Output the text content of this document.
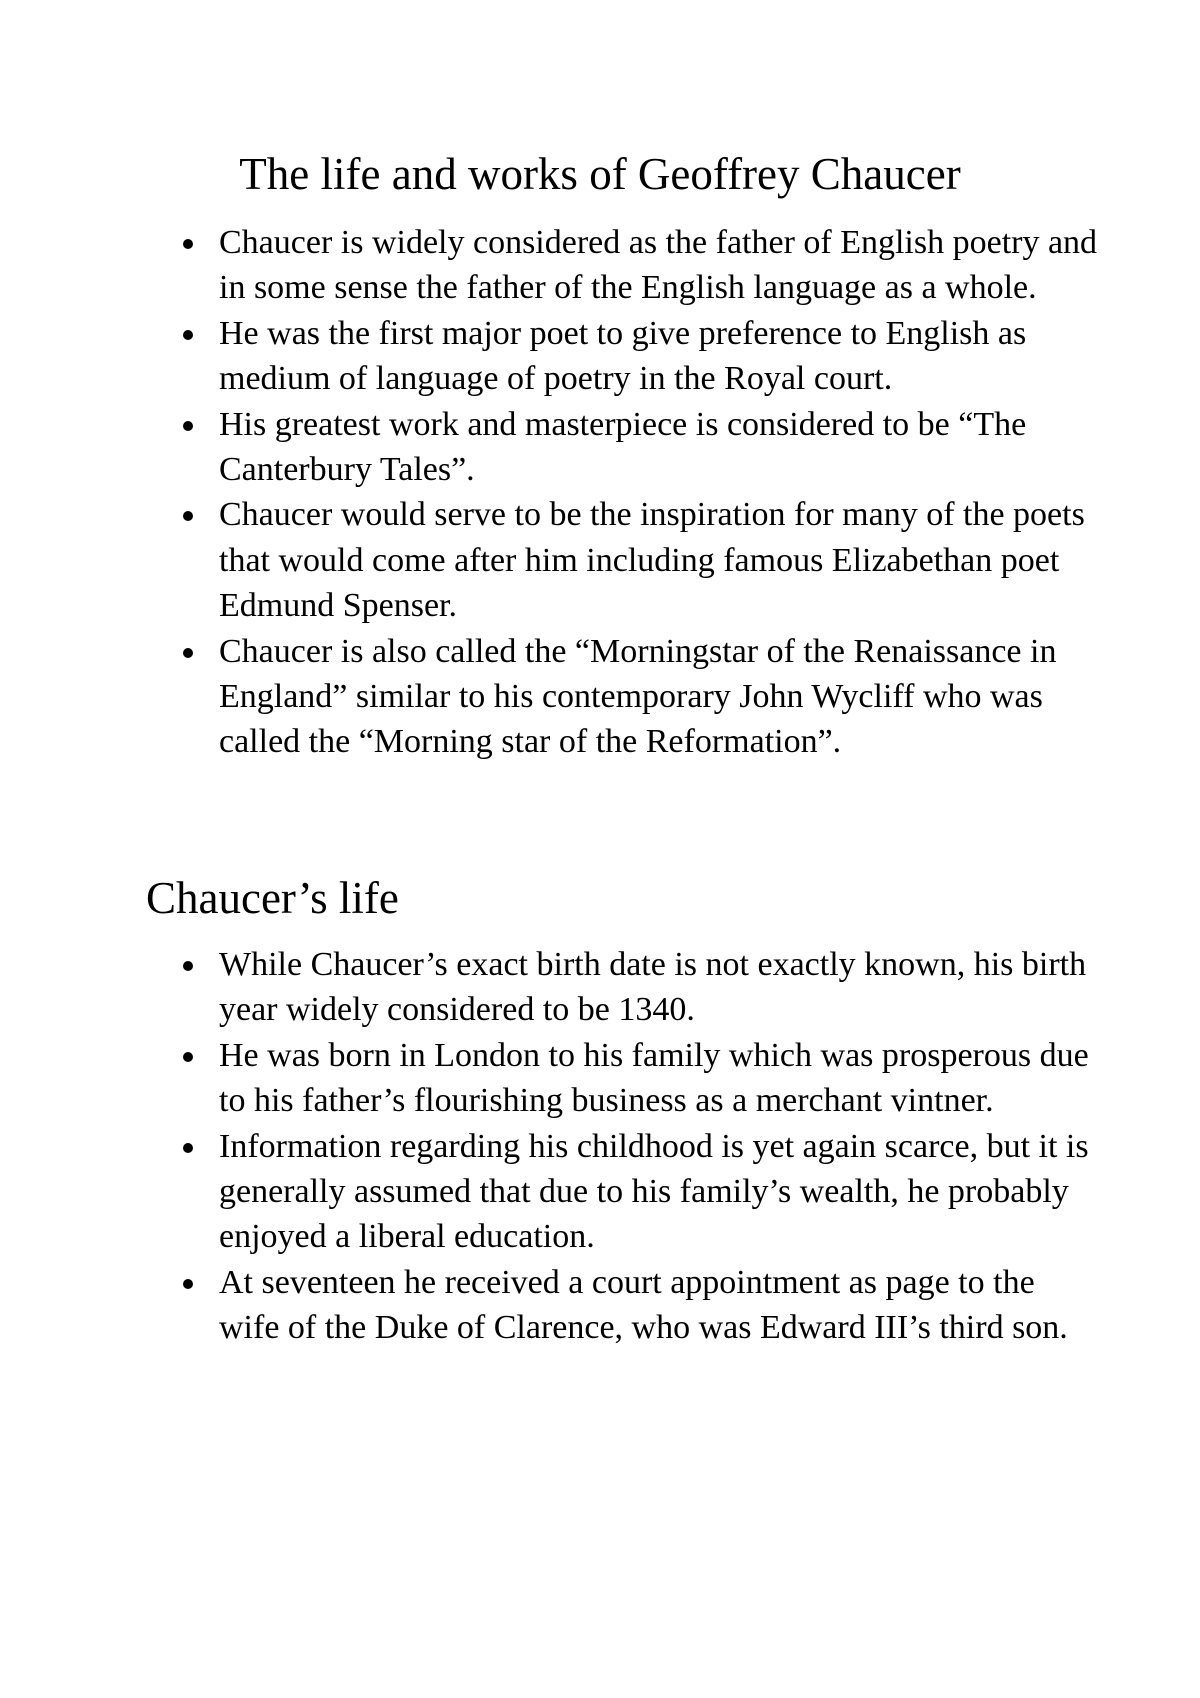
The life and works of Geoffrey Chaucer
Chaucer is widely considered as the father of English poetry and in some sense the father of the English language as a whole.
He was the first major poet to give preference to English as medium of language of poetry in the Royal court.
His greatest work and masterpiece is considered to be “The Canterbury Tales”.
Chaucer would serve to be the inspiration for many of the poets that would come after him including famous Elizabethan poet Edmund Spenser.
Chaucer is also called the “Morningstar of the Renaissance in England” similar to his contemporary John Wycliff who was called the “Morning star of the Reformation”.
Chaucer’s life
While Chaucer’s exact birth date is not exactly known, his birth year widely considered to be 1340.
He was born in London to his family which was prosperous due to his father’s flourishing business as a merchant vintner.
Information regarding his childhood is yet again scarce, but it is generally assumed that due to his family’s wealth, he probably enjoyed a liberal education.
At seventeen he received a court appointment as page to the wife of the Duke of Clarence, who was Edward III’s third son.
